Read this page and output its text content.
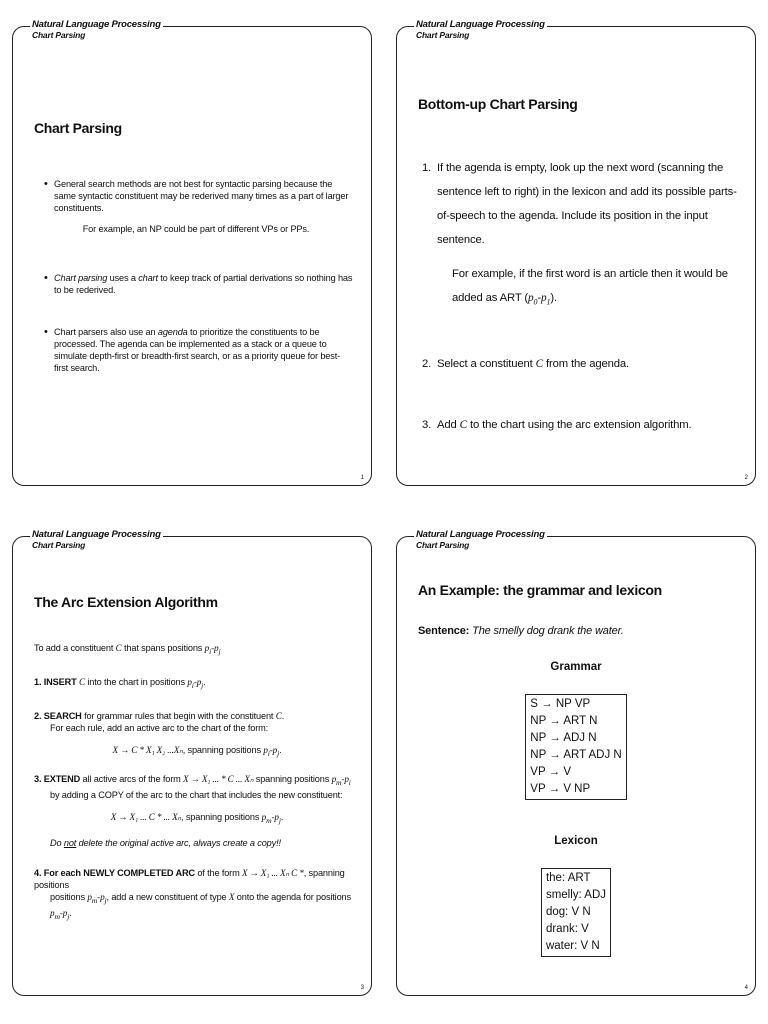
Natural Language Processing
Chart Parsing
Chart Parsing

• General search methods are not best for syntactic parsing because the same syntactic constituent may be rederived many times as a part of larger constituents.

For example, an NP could be part of different VPs or PPs.

• Chart parsing uses a chart to keep track of partial derivations so nothing has to be rederived.

• Chart parsers also use an agenda to prioritize the constituents to be processed. The agenda can be implemented as a stack or a queue to simulate depth-first or breadth-first search, or as a priority queue for best-first search.

1
Natural Language Processing
Chart Parsing
Bottom-up Chart Parsing
1. If the agenda is empty, look up the next word (scanning the sentence left to right) in the lexicon and add its possible parts-of-speech to the agenda. Include its position in the input sentence.
For example, if the first word is an article then it would be
added as ART $(p_0-p_1)$.
2. Select a constituent C from the agenda.
3. Add C to the chart using the arc extension algorithm.
2
Natural Language Processing
Chart Parsing
The Arc Extension Algorithm

To add a constituent C that spans positions $p_i-p_j$

1. INSERT C into the chart in positions $p_i-p_j$.

2. SEARCH for grammar rules that begin with the constituent C.

For each rule, add an active arc to the chart of the form:

X → C * X₁ X₂ ...Xₙ, spanning positions $p_i-p_j$.

3. EXTEND all active arcs of the form X → X₁ ... * C ... Xₙ spanning positions $p_m-p_i$

by adding a COPY of the arc to the chart that includes the new constituent:

X → X₁ ... C * ... Xₙ, spanning positions $p_m-p_j$.

Do not delete the original active arc, always create a copy!!

4. For each NEWLY COMPLETED ARC of the form X → X₁ ... Xₙ C *, spanning positions

positions $p_m-p_j$, add a new constituent of type X onto the agenda for positions

$p_m-p_j$.

3
Natural Language Processing
Chart Parsing
An Example: the grammar and lexicon
Sentence: The smelly dog drank the water.
Grammar
S → NP VP
NP → ART N
NP → ADJ N
NP → ART ADJ N
VP → V
VP → V NP
Lexicon
the: ART
smelly: ADJ
dog: V N
drank: V
water: V N
4
